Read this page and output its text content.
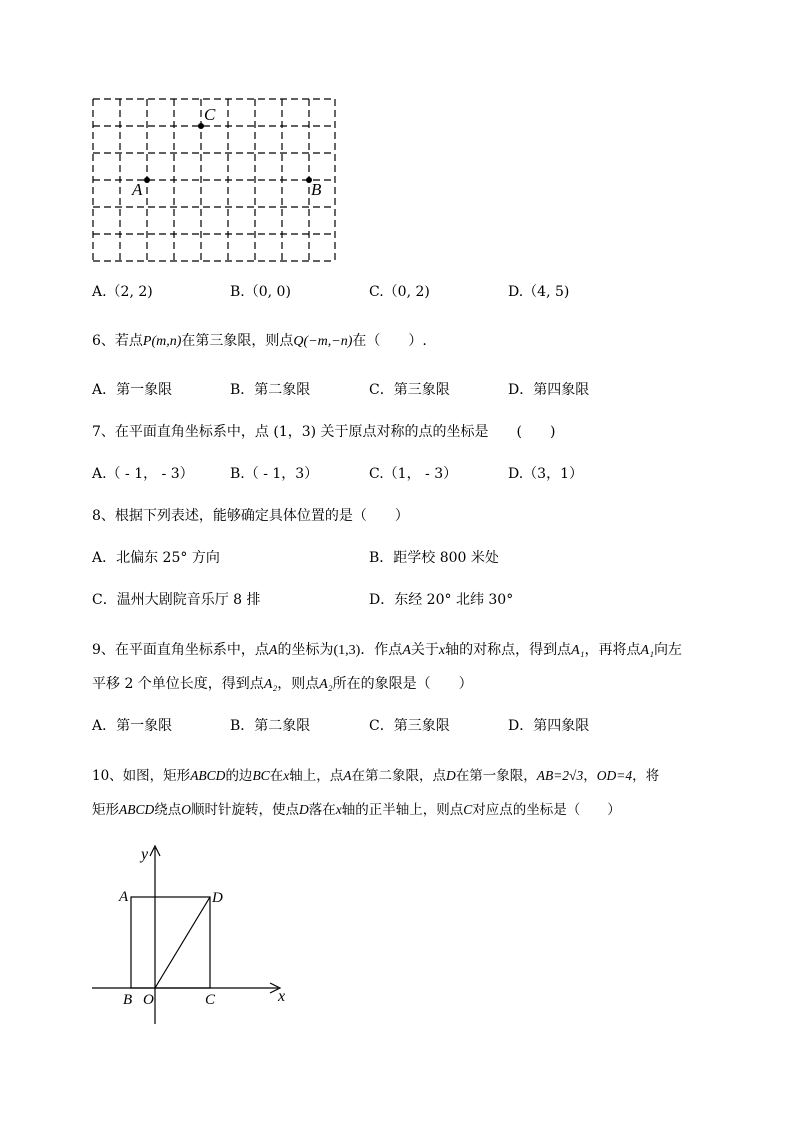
C
A	B
A.（2, 2)	B.（0, 0)	C.（0, 2)	D.（4, 5)
6、若点P(m,n)在第三象限，则点Q(−m,−n)在（　　）.
A．第一象限	B．第二象限	C．第三象限	D．第四象限
7、在平面直角坐标系中，点 (1，3) 关于原点对称的点的坐标是　　(　　)
A.（ - 1， - 3）	B.（ - 1，3）	C.（1， - 3）	D.（3，1）
8、根据下列表述，能够确定具体位置的是（　　）
A．北偏东 25° 方向	B．距学校 800 米处
C．温州大剧院音乐厅 8 排	D．东经 20° 北纬 30°
9、在平面直角坐标系中，点A的坐标为(1,3)．作点A关于x轴的对称点，得到点A₁，再将点A₁向左
平移 2 个单位长度，得到点A₂，则点A₂所在的象限是（　　）
A．第一象限	B．第二象限	C．第三象限	D．第四象限
10、如图，矩形ABCD的边BC在x轴上，点A在第二象限，点D在第一象限，AB=2√3，OD=4，将
矩形ABCD绕点O顺时针旋转，使点D落在x轴的正半轴上，则点C对应点的坐标是（　　）
y
x
A	D
B O	C
